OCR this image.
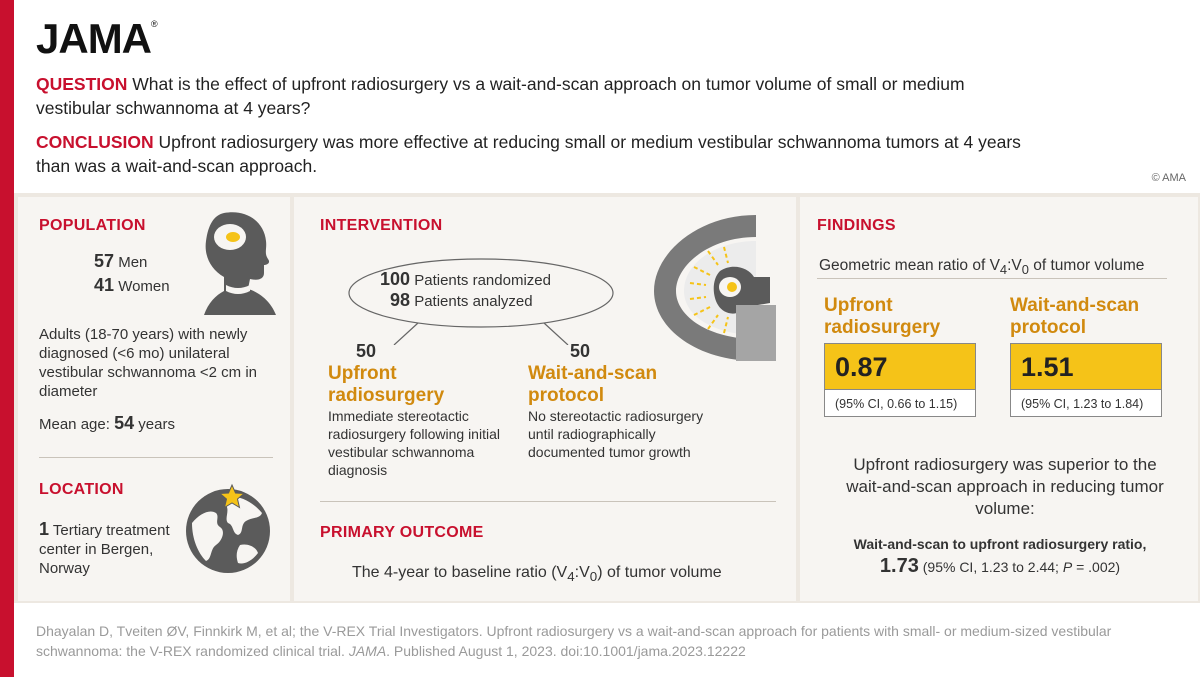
JAMA®
QUESTION What is the effect of upfront radiosurgery vs a wait-and-scan approach on tumor volume of small or medium vestibular schwannoma at 4 years?
CONCLUSION Upfront radiosurgery was more effective at reducing small or medium vestibular schwannoma tumors at 4 years than was a wait-and-scan approach.
© AMA
POPULATION
57 Men
41 Women
Adults (18-70 years) with newly diagnosed (<6 mo) unilateral vestibular schwannoma <2 cm in diameter
Mean age: 54 years
LOCATION
1 Tertiary treatment center in Bergen, Norway
INTERVENTION
100 Patients randomized
98 Patients analyzed
50
Upfront
radiosurgery
Immediate stereotactic radiosurgery following initial vestibular schwannoma diagnosis
50
Wait-and-scan
protocol
No stereotactic radiosurgery until radiographically documented tumor growth
PRIMARY OUTCOME
The 4-year to baseline ratio $(V_4:V_0)$ of tumor volume
FINDINGS
Geometric mean ratio of $V_4:V_0$ of tumor volume
Upfront
radiosurgery
Wait-and-scan
protocol
0.87
(95% CI, 0.66 to 1.15)
1.51
(95% CI, 1.23 to 1.84)
Upfront radiosurgery was superior to the wait-and-scan approach in reducing tumor volume:
Wait-and-scan to upfront radiosurgery ratio,
1.73 (95% CI, 1.23 to 2.44; P = .002)
Dhayalan D, Tveiten ØV, Finnkirk M, et al; the V-REX Trial Investigators. Upfront radiosurgery vs a wait-and-scan approach for patients with small- or medium-sized vestibular schwannoma: the V-REX randomized clinical trial. JAMA. Published August 1, 2023. doi:10.1001/jama.2023.12222
